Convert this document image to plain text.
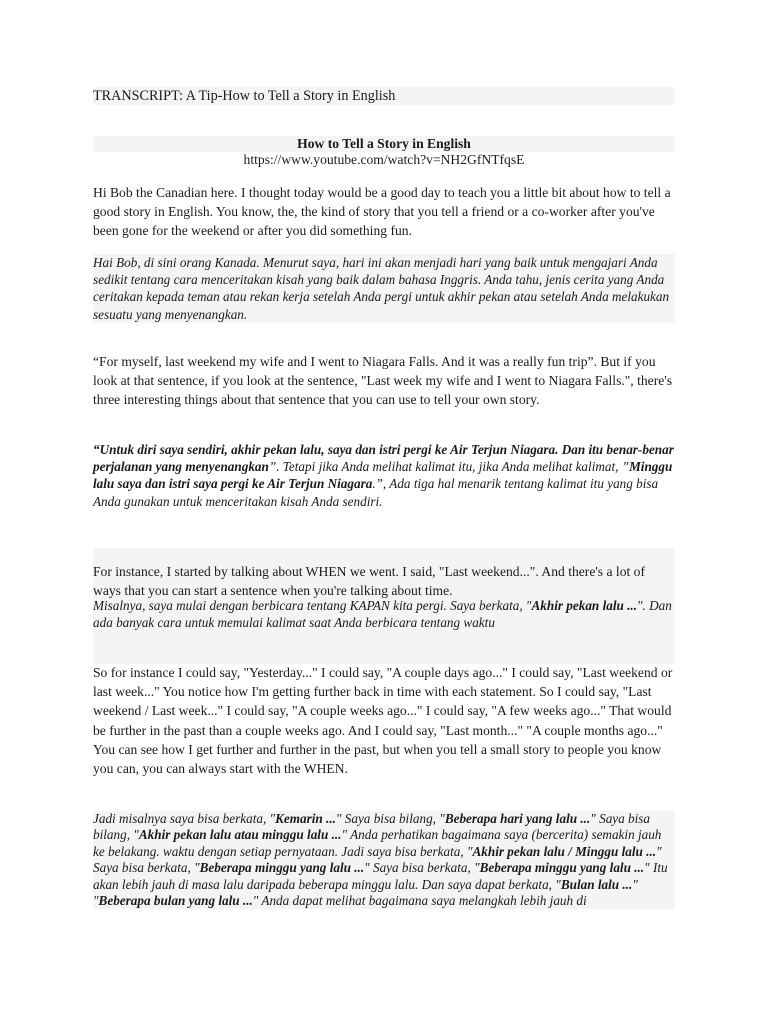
TRANSCRIPT: A Tip-How to Tell a Story in English
How to Tell a Story in English
https://www.youtube.com/watch?v=NH2GfNTfqsE

Hi Bob the Canadian here. I thought today would be a good day to teach you a little bit about how to tell a good story in English. You know, the, the kind of story that you tell a friend or a co-worker after you've been gone for the weekend or after you did something fun.

Hai Bob, di sini orang Kanada. Menurut saya, hari ini akan menjadi hari yang baik untuk mengajari Anda sedikit tentang cara menceritakan kisah yang baik dalam bahasa Inggris. Anda tahu, jenis cerita yang Anda ceritakan kepada teman atau rekan kerja setelah Anda pergi untuk akhir pekan atau setelah Anda melakukan sesuatu yang menyenangkan.

“For myself, last weekend my wife and I went to Niagara Falls. And it was a really fun trip”. But if you look at that sentence, if you look at the sentence, "Last week my wife and I went to Niagara Falls.", there's three interesting things about that sentence that you can use to tell your own story.

“Untuk diri saya sendiri, akhir pekan lalu, saya dan istri pergi ke Air Terjun Niagara. Dan itu benar-benar perjalanan yang menyenangkan”. Tetapi jika Anda melihat kalimat itu, jika Anda melihat kalimat, ”Minggu lalu saya dan istri saya pergi ke Air Terjun Niagara.”, Ada tiga hal menarik tentang kalimat itu yang bisa Anda gunakan untuk menceritakan kisah Anda sendiri.

For instance, I started by talking about WHEN we went. I said, "Last weekend...". And there's a lot of ways that you can start a sentence when you're talking about time.

Misalnya, saya mulai dengan berbicara tentang KAPAN kita pergi. Saya berkata, "Akhir pekan lalu ...". Dan ada banyak cara untuk memulai kalimat saat Anda berbicara tentang waktu

So for instance I could say, "Yesterday..." I could say, "A couple days ago..." I could say, "Last weekend or last week..." You notice how I'm getting further back in time with each statement. So I could say, "Last weekend / Last week..." I could say, "A couple weeks ago..." I could say, "A few weeks ago..." That would be further in the past than a couple weeks ago. And I could say, "Last month..." "A couple months ago..." You can see how I get further and further in the past, but when you tell a small story to people you know you can, you can always start with the WHEN.

Jadi misalnya saya bisa berkata, "Kemarin ..." Saya bisa bilang, "Beberapa hari yang lalu ..." Saya bisa bilang, "Akhir pekan lalu atau minggu lalu ..." Anda perhatikan bagaimana saya (bercerita) semakin jauh ke belakang. waktu dengan setiap pernyataan. Jadi saya bisa berkata, "Akhir pekan lalu / Minggu lalu ..." Saya bisa berkata, "Beberapa minggu yang lalu ..." Saya bisa berkata, "Beberapa minggu yang lalu ..." Itu akan lebih jauh di masa lalu daripada beberapa minggu lalu. Dan saya dapat berkata, "Bulan lalu ..." "Beberapa bulan yang lalu ..." Anda dapat melihat bagaimana saya melangkah lebih jauh di
